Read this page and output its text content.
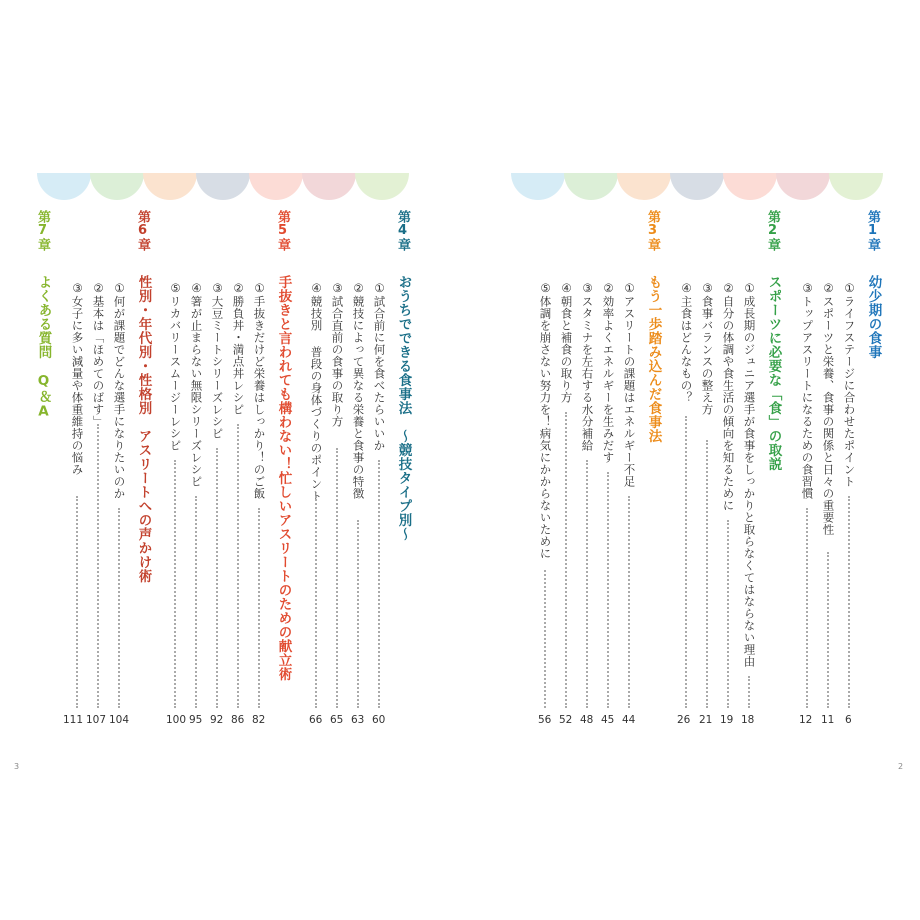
第1章
幼少期の食事
①ライフステージに合わせたポイント
6
②スポーツと栄養、食事の関係と日々の重要性
11
③トップアスリートになるための食習慣
12
第2章
スポーツに必要な「食」の取説
①成長期のジュニア選手が食事をしっかりと取らなくてはならない理由
18
②自分の体調や食生活の傾向を知るために
19
③食事バランスの整え方
21
④主食はどんなもの？
26
第3章
もう一歩踏み込んだ食事法
①アスリートの課題はエネルギー不足
44
②効率よくエネルギーを生みだす
45
③スタミナを左右する水分補給
48
④朝食と補食の取り方
52
⑤体調を崩さない努力を！病気にかからないために
56
2
第4章
おうちでできる食事法　～競技タイプ別～
①試合前に何を食べたらいいか
60
②競技によって異なる栄養と食事の特徴
63
③試合直前の食事の取り方
65
④競技別 普段の身体づくりのポイント
66
第5章
手抜きと言われても構わない！忙しいアスリートのための献立術
①手抜きだけど栄養はしっかり！のご飯
82
②勝負丼・満点丼レシピ
86
③大豆ミートシリーズレシピ
92
④箸が止まらない無限シリーズレシピ
95
⑤リカバリースムージーレシピ
100
第6章
性別・年代別・性格別　アスリートへの声かけ術
①何が課題でどんな選手になりたいのか
104
②基本は「ほめてのばす」
107
③女子に多い減量や体重維持の悩み
111
第7章
よくある質問　Q＆A
3
